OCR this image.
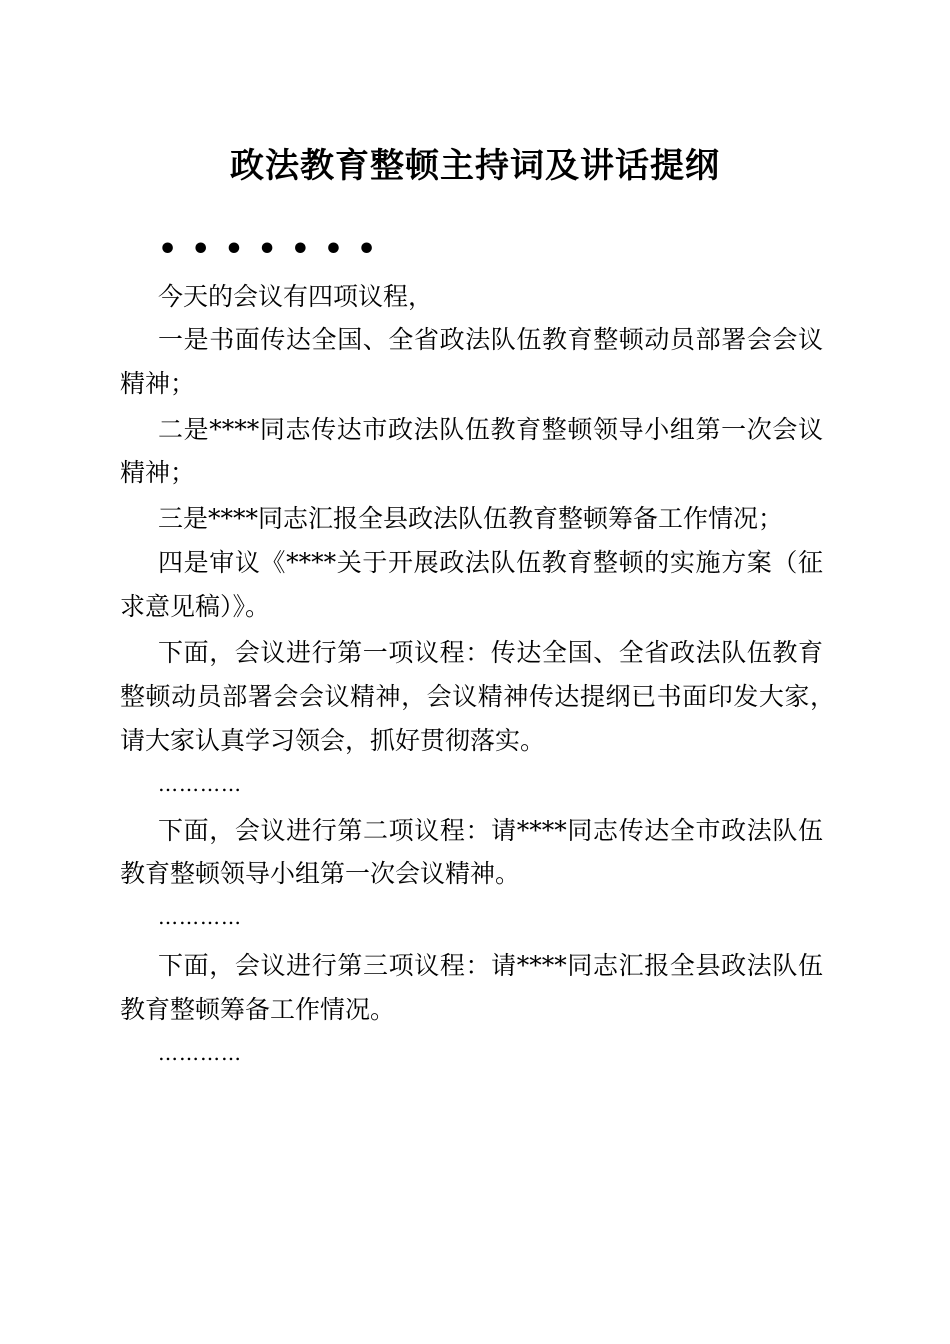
政法教育整顿主持词及讲话提纲
•••••••
今天的会议有四项议程，
一是书面传达全国、全省政法队伍教育整顿动员部署会会议
精神；
二是****同志传达市政法队伍教育整顿领导小组第一次会议
精神；
三是****同志汇报全县政法队伍教育整顿筹备工作情况；
四是审议《****关于开展政法队伍教育整顿的实施方案（征
求意见稿）》。
下面，会议进行第一项议程：传达全国、全省政法队伍教育
整顿动员部署会会议精神，会议精神传达提纲已书面印发大家，
请大家认真学习领会，抓好贯彻落实。
…………
下面，会议进行第二项议程：请****同志传达全市政法队伍
教育整顿领导小组第一次会议精神。
…………
下面，会议进行第三项议程：请****同志汇报全县政法队伍
教育整顿筹备工作情况。
…………
